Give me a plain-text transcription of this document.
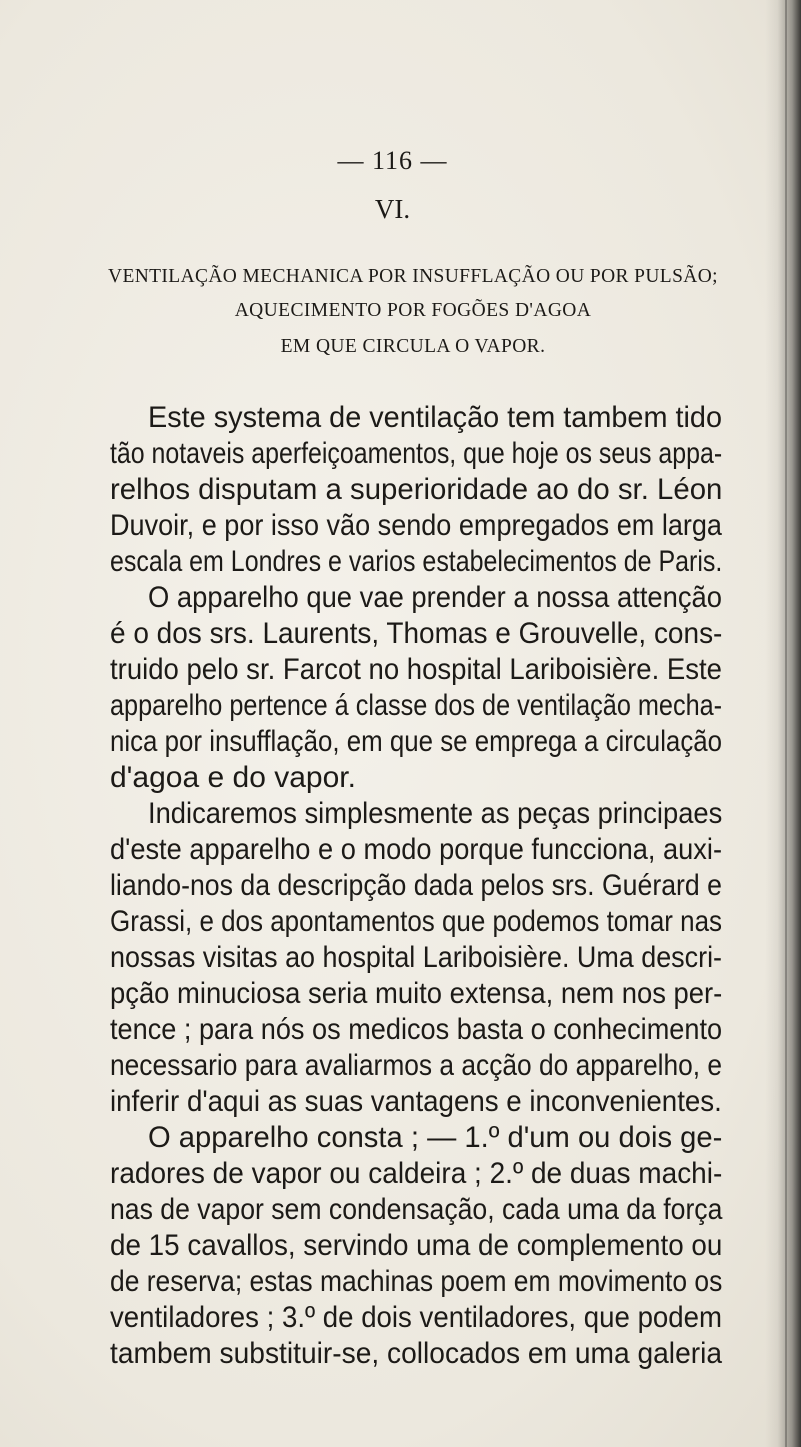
— 116 —
VI.
VENTILAÇÃO MECHANICA POR INSUFFLAÇÃO OU POR PULSÃO;
AQUECIMENTO POR FOGÕES D'AGOA
EM QUE CIRCULA O VAPOR.
Este systema de ventilação tem tambem tido
tão notaveis aperfeiçoamentos, que hoje os seus appa-
relhos disputam a superioridade ao do sr. Léon
Duvoir, e por isso vão sendo empregados em larga
escala em Londres e varios estabelecimentos de Paris.
O apparelho que vae prender a nossa attenção
é o dos srs. Laurents, Thomas e Grouvelle, cons-
truido pelo sr. Farcot no hospital Lariboisière. Este
apparelho pertence á classe dos de ventilação mecha-
nica por insufflação, em que se emprega a circulação
d'agoa e do vapor.
Indicaremos simplesmente as peças principaes
d'este apparelho e o modo porque funcciona, auxi-
liando-nos da descripção dada pelos srs. Guérard e
Grassi, e dos apontamentos que podemos tomar nas
nossas visitas ao hospital Lariboisière. Uma descri-
pção minuciosa seria muito extensa, nem nos per-
tence ; para nós os medicos basta o conhecimento
necessario para avaliarmos a acção do apparelho, e
inferir d'aqui as suas vantagens e inconvenientes.
O apparelho consta ; — 1.º d'um ou dois ge-
radores de vapor ou caldeira ; 2.º de duas machi-
nas de vapor sem condensação, cada uma da força
de 15 cavallos, servindo uma de complemento ou
de reserva; estas machinas poem em movimento os
ventiladores ; 3.º de dois ventiladores, que podem
tambem substituir-se, collocados em uma galeria
